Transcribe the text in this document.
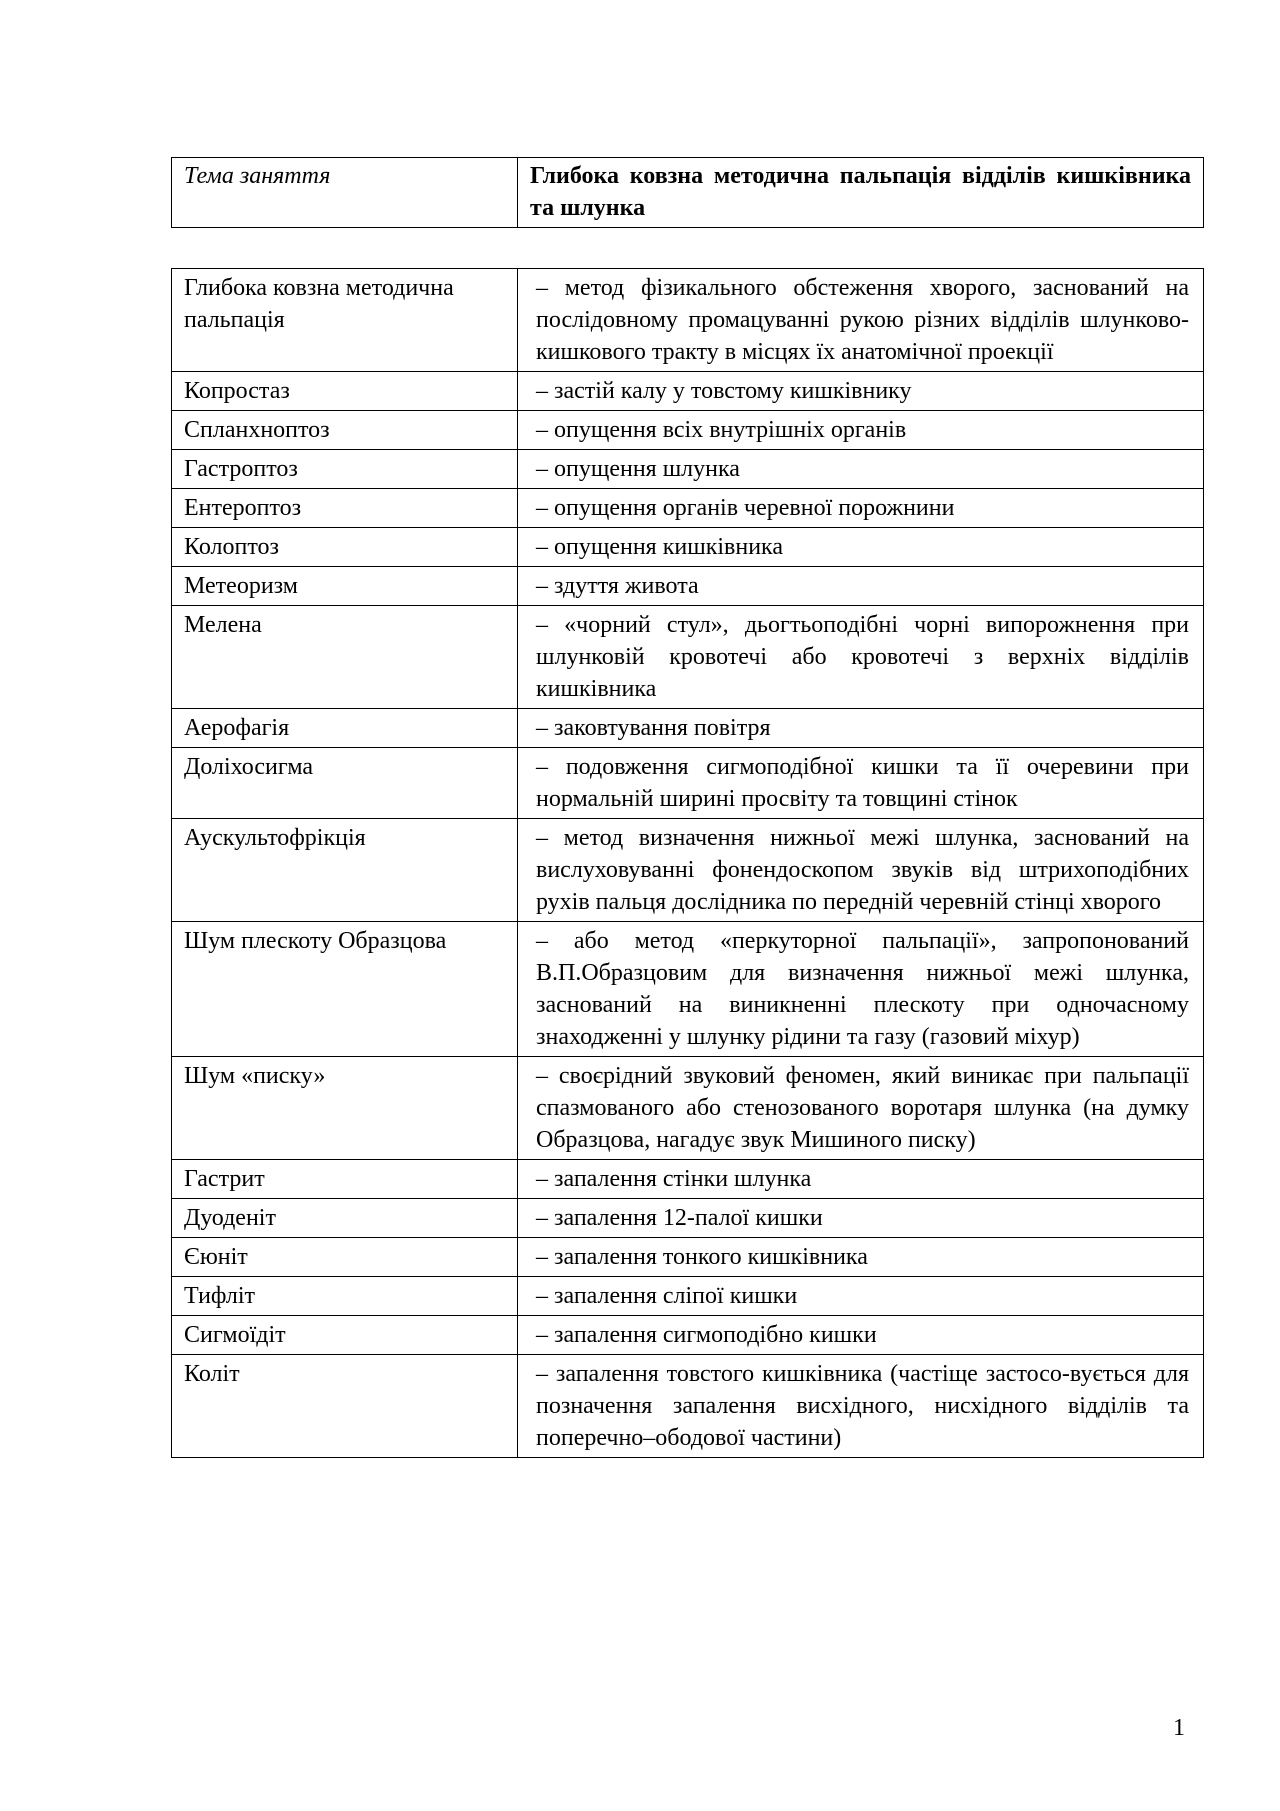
Тема заняття	Глибока ковзна методична пальпація відділів кишківника та шлунка
Глибока ковзна методична пальпація	– метод фізикального обстеження хворого, заснований на послідовному промацуванні рукою різних відділів шлунково-кишкового тракту в місцях їх анатомічної проекції
Копростаз	– застій калу у товстому кишківнику
Спланхноптоз	– опущення всіх внутрішніх органів
Гастроптоз	– опущення шлунка
Ентероптоз	– опущення органів черевної порожнини
Колоптоз	– опущення кишківника
Метеоризм	– здуття живота
Мелена	– «чорний стул», дьогтьоподібні чорні випорожнення при шлунковій кровотечі або кровотечі з верхніх відділів кишківника
Аерофагія	– заковтування повітря
Доліхосигма	– подовження сигмоподібної кишки та її очеревини при нормальній ширині просвіту та товщині стінок
Аускультофрікція	– метод визначення нижньої межі шлунка, заснований на вислуховуванні фонендоскопом звуків від штрихоподібних рухів пальця дослідника по передній черевній стінці хворого
Шум плескоту Образцова	– або метод «перкуторної пальпації», запропонований В.П.Образцовим для визначення нижньої межі шлунка, заснований на виникненні плескоту при одночасному знаходженні у шлунку рідини та газу (газовий міхур)
Шум «писку»	– своєрідний звуковий феномен, який виникає при пальпації спазмованого або стенозованого воротаря шлунка (на думку Образцова, нагадує звук Мишиного писку)
Гастрит	– запалення стінки шлунка
Дуоденіт	– запалення 12-палої кишки
Єюніт	– запалення тонкого кишківника
Тифліт	– запалення сліпої кишки
Сигмоїдіт	– запалення сигмоподібно кишки
Коліт	– запалення товстого кишківника (частіще застосо-вується для позначення запалення висхідного, нисхідного відділів та поперечно–ободової частини)
1
